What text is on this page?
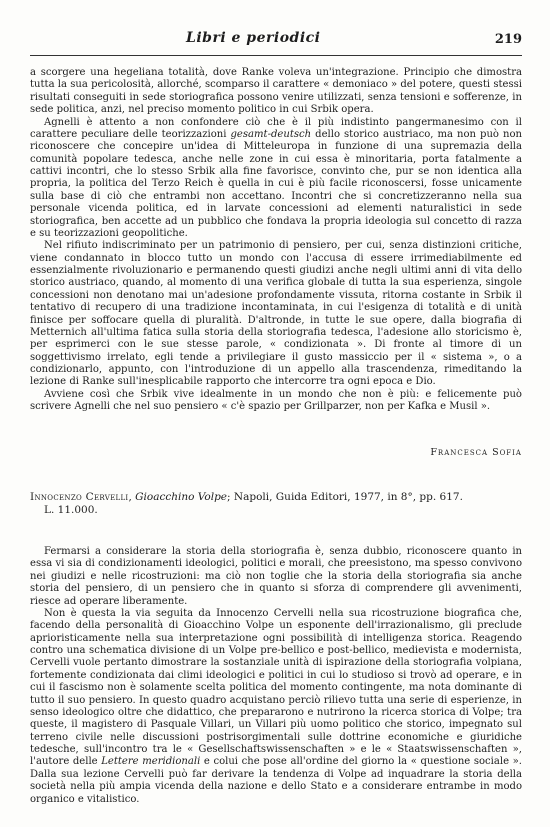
Libri e periodici	219

a scorgere una hegeliana totalità, dove Ranke voleva un'integrazione. Principio che dimostra tutta la sua pericolosità, allorché, scomparso il carattere « demoniaco » del potere, questi stessi risultati conseguiti in sede storiografica possono venire utilizzati, senza tensioni e sofferenze, in sede politica, anzi, nel preciso momento politico in cui Srbik opera.

Agnelli è attento a non confondere ciò che è il più indistinto pangermanesimo con il carattere peculiare delle teorizzazioni gesamt-deutsch dello storico austriaco, ma non può non riconoscere che concepire un'idea di Mitteleuropa in funzione di una supremazia della comunità popolare tedesca, anche nelle zone in cui essa è minoritaria, porta fatalmente a cattivi incontri, che lo stesso Srbik alla fine favorisce, convinto che, pur se non identica alla propria, la politica del Terzo Reich è quella in cui è più facile riconoscersi, fosse unicamente sulla base di ciò che entrambi non accettano. Incontri che si concretizzeranno nella sua personale vicenda politica, ed in larvate concessioni ad elementi naturalistici in sede storiografica, ben accette ad un pubblico che fondava la propria ideologia sul concetto di razza e su teorizzazioni geopolitiche.

Nel rifiuto indiscriminato per un patrimonio di pensiero, per cui, senza distinzioni critiche, viene condannato in blocco tutto un mondo con l'accusa di essere irrimediabilmente ed essenzialmente rivoluzionario e permanendo questi giudizi anche negli ultimi anni di vita dello storico austriaco, quando, al momento di una verifica globale di tutta la sua esperienza, singole concessioni non denotano mai un'adesione profondamente vissuta, ritorna costante in Srbik il tentativo di recupero di una tradizione incontaminata, in cui l'esigenza di totalità e di unità finisce per soffocare quella di pluralità. D'altronde, in tutte le sue opere, dalla biografia di Metternich all'ultima fatica sulla storia della storiografia tedesca, l'adesione allo storicismo è, per esprimerci con le sue stesse parole, « condizionata ». Di fronte al timore di un soggettivismo irrelato, egli tende a privilegiare il gusto massiccio per il « sistema », o a condizionarlo, appunto, con l'introduzione di un appello alla trascendenza, rimeditando la lezione di Ranke sull'inesplicabile rapporto che intercorre tra ogni epoca e Dio.

Avviene così che Srbik vive idealmente in un mondo che non è più: e felicemente può scrivere Agnelli che nel suo pensiero « c'è spazio per Grillparzer, non per Kafka e Musil ».

Francesca Sofia
Innocenzo Cervelli, Gioacchino Volpe; Napoli, Guida Editori, 1977, in 8°, pp. 617.
L. 11.000.

Fermarsi a considerare la storia della storiografia è, senza dubbio, riconoscere quanto in essa vi sia di condizionamenti ideologici, politici e morali, che preesistono, ma spesso convivono nei giudizi e nelle ricostruzioni: ma ciò non toglie che la storia della storiografia sia anche storia del pensiero, di un pensiero che in quanto si sforza di comprendere gli avvenimenti, riesce ad operare liberamente.

Non è questa la via seguita da Innocenzo Cervelli nella sua ricostruzione biografica che, facendo della personalità di Gioacchino Volpe un esponente dell'irrazionalismo, gli preclude aprioristicamente nella sua interpretazione ogni possibilità di intelligenza storica. Reagendo contro una schematica divisione di un Volpe pre-bellico e post-bellico, medievista e modernista, Cervelli vuole pertanto dimostrare la sostanziale unità di ispirazione della storiografia volpiana, fortemente condizionata dai climi ideologici e politici in cui lo studioso si trovò ad operare, e in cui il fascismo non è solamente scelta politica del momento contingente, ma nota dominante di tutto il suo pensiero. In questo quadro acquistano perciò rilievo tutta una serie di esperienze, in senso ideologico oltre che didattico, che prepararono e nutrirono la ricerca storica di Volpe; tra queste, il magistero di Pasquale Villari, un Villari più uomo politico che storico, impegnato sul terreno civile nelle discussioni postrisorgimentali sulle dottrine economiche e giuridiche tedesche, sull'incontro tra le « Gesellschaftswissenschaften » e le « Staatswissenschaften », l'autore delle Lettere meridionali e colui che pose all'ordine del giorno la « questione sociale ». Dalla sua lezione Cervelli può far derivare la tendenza di Volpe ad inquadrare la storia della società nella più ampia vicenda della nazione e dello Stato e a considerare entrambe in modo organico e vitalistico.
